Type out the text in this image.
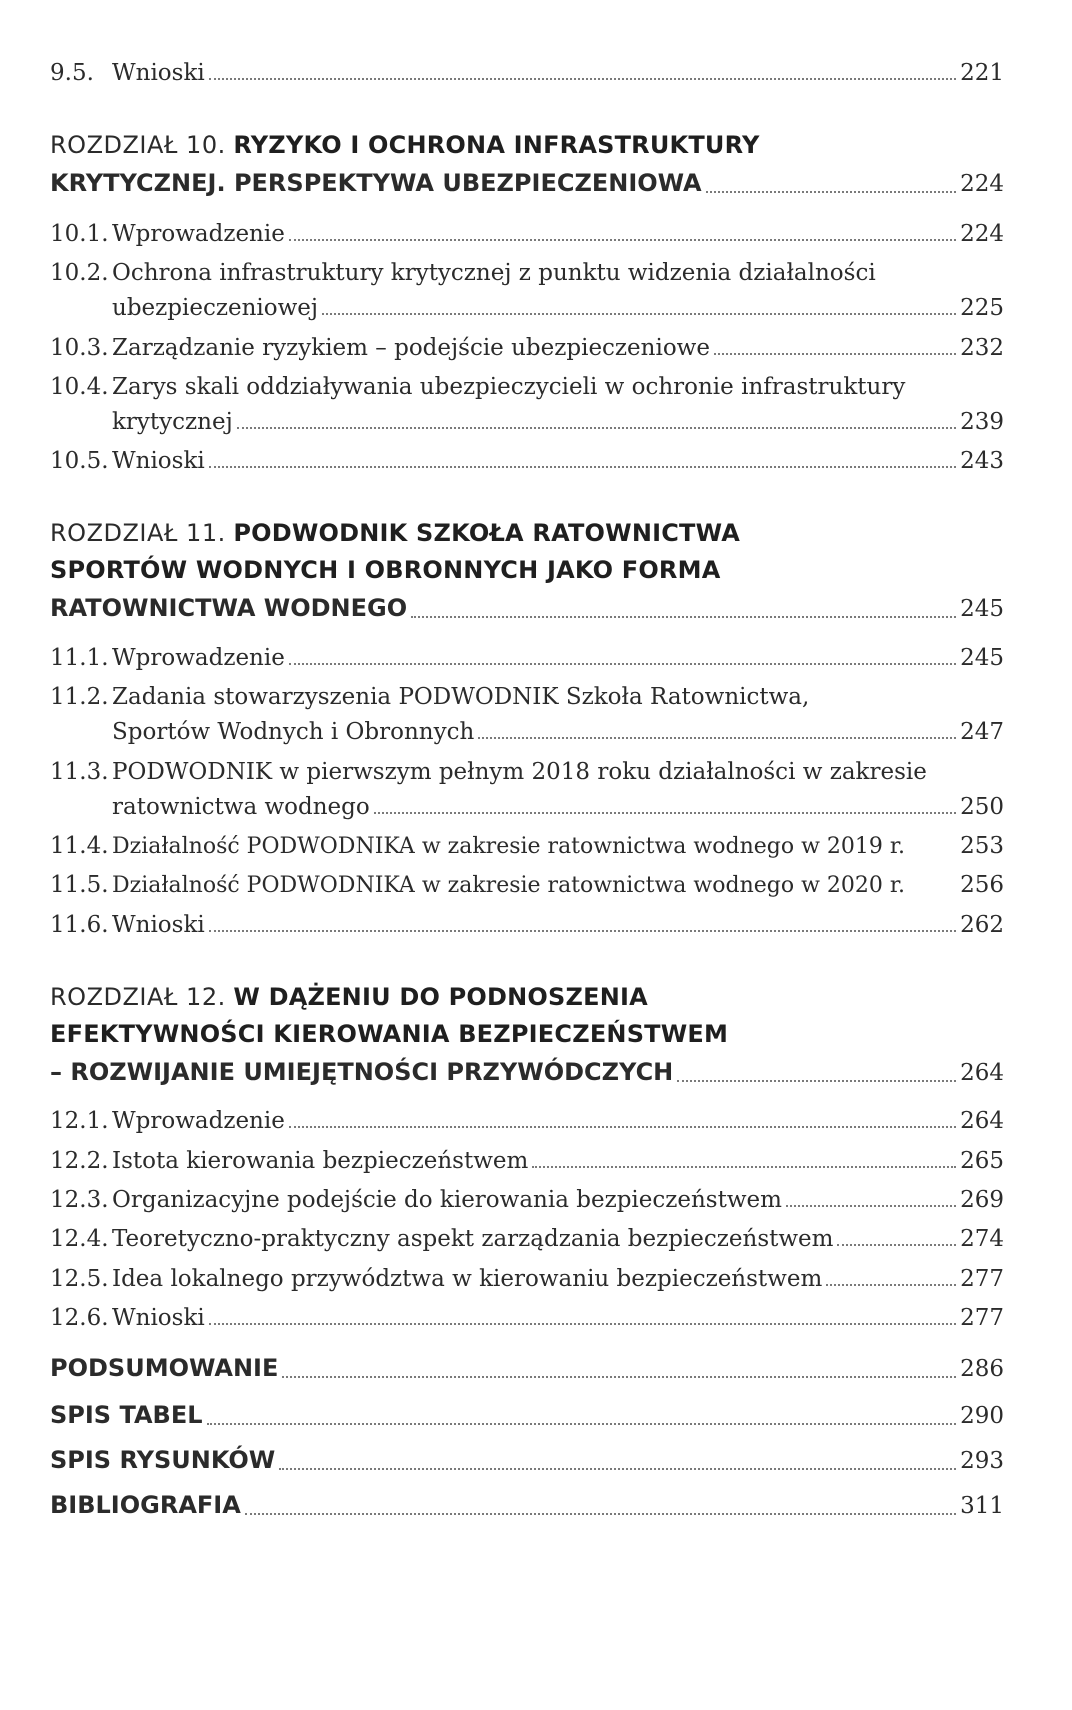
9.5. Wnioski	221
ROZDZIAŁ 10. RYZYKO I OCHRONA INFRASTRUKTURY
KRYTYCZNEJ. PERSPEKTYWA UBEZPIECZENIOWA	224
10.1. Wprowadzenie	224
10.2. Ochrona infrastruktury krytycznej z punktu widzenia działalności
ubezpieczeniowej	225
10.3. Zarządzanie ryzykiem – podejście ubezpieczeniowe	232
10.4. Zarys skali oddziaływania ubezpieczycieli w ochronie infrastruktury
krytycznej	239
10.5. Wnioski	243
ROZDZIAŁ 11. PODWODNIK SZKOŁA RATOWNICTWA
SPORTÓW WODNYCH I OBRONNYCH JAKO FORMA
RATOWNICTWA WODNEGO	245
11.1. Wprowadzenie	245
11.2. Zadania stowarzyszenia PODWODNIK Szkoła Ratownictwa,
Sportów Wodnych i Obronnych	247
11.3. PODWODNIK w pierwszym pełnym 2018 roku działalności w zakresie
ratownictwa wodnego	250
11.4. Działalność PODWODNIKA w zakresie ratownictwa wodnego w 2019 r. 253
11.5. Działalność PODWODNIKA w zakresie ratownictwa wodnego w 2020 r. 256
11.6. Wnioski	262
ROZDZIAŁ 12. W DĄŻENIU DO PODNOSZENIA
EFEKTYWNOŚCI KIEROWANIA BEZPIECZEŃSTWEM
– ROZWIJANIE UMIEJĘTNOŚCI PRZYWÓDCZYCH	264
12.1. Wprowadzenie	264
12.2. Istota kierowania bezpieczeństwem	265
12.3. Organizacyjne podejście do kierowania bezpieczeństwem	269
12.4. Teoretyczno-praktyczny aspekt zarządzania bezpieczeństwem	274
12.5. Idea lokalnego przywództwa w kierowaniu bezpieczeństwem	277
12.6. Wnioski	277
PODSUMOWANIE	286
SPIS TABEL	290
SPIS RYSUNKÓW	293
BIBLIOGRAFIA	311
